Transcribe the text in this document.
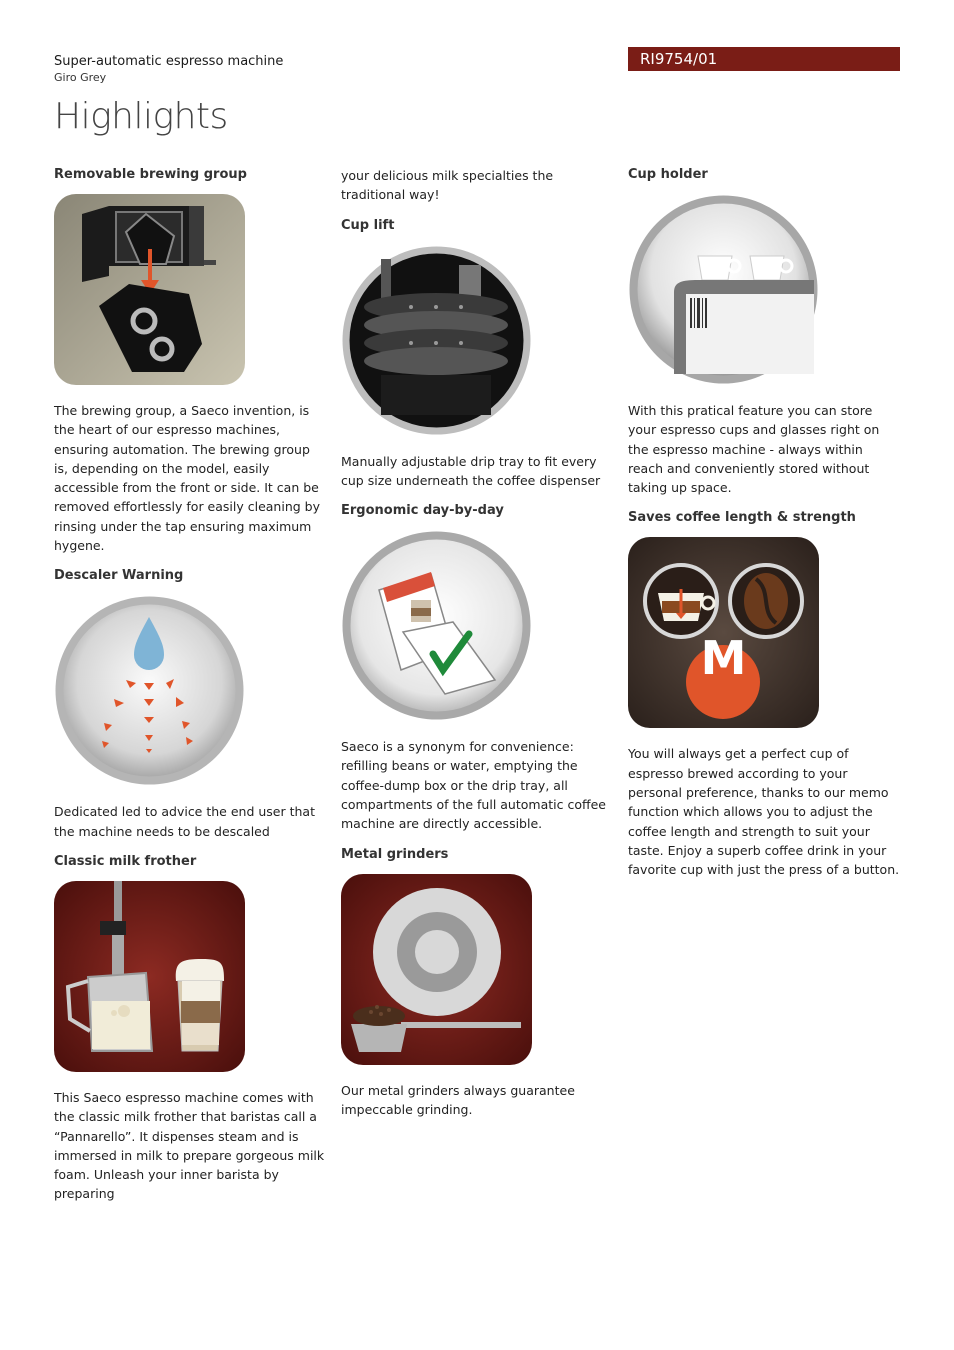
Super-automatic espresso machine
Giro Grey
RI9754/01
Highlights
Removable brewing group

The brewing group, a Saeco invention, is the heart of our espresso machines, ensuring automation. The brewing group is, depending on the model, easily accessible from the front or side. It can be removed effortlessly for easily cleaning by rinsing under the tap ensuring maximum hygene.

Descaler Warning

Dedicated led to advice the end user that the machine needs to be descaled

Classic milk frother

This Saeco espresso machine comes with the classic milk frother that baristas call a “Pannarello”. It dispenses steam and is immersed in milk to prepare gorgeous milk foam. Unleash your inner barista by preparing

your delicious milk specialties the traditional way!

Cup lift

Manually adjustable drip tray to fit every cup size underneath the coffee dispenser

Ergonomic day-by-day

Saeco is a synonym for convenience: refilling beans or water, emptying the coffee-dump box or the drip tray, all compartments of the full automatic coffee machine are directly accessible.

Metal grinders

Our metal grinders always guarantee impeccable grinding.

Cup holder

With this pratical feature you can store your espresso cups and glasses right on the espresso machine - always within reach and conveniently stored without taking up space.

Saves coffee length & strength

You will always get a perfect cup of espresso brewed according to your personal preference, thanks to our memo function which allows you to adjust the coffee length and strength to suit your taste. Enjoy a superb coffee drink in your favorite cup with just the press of a button.

M
